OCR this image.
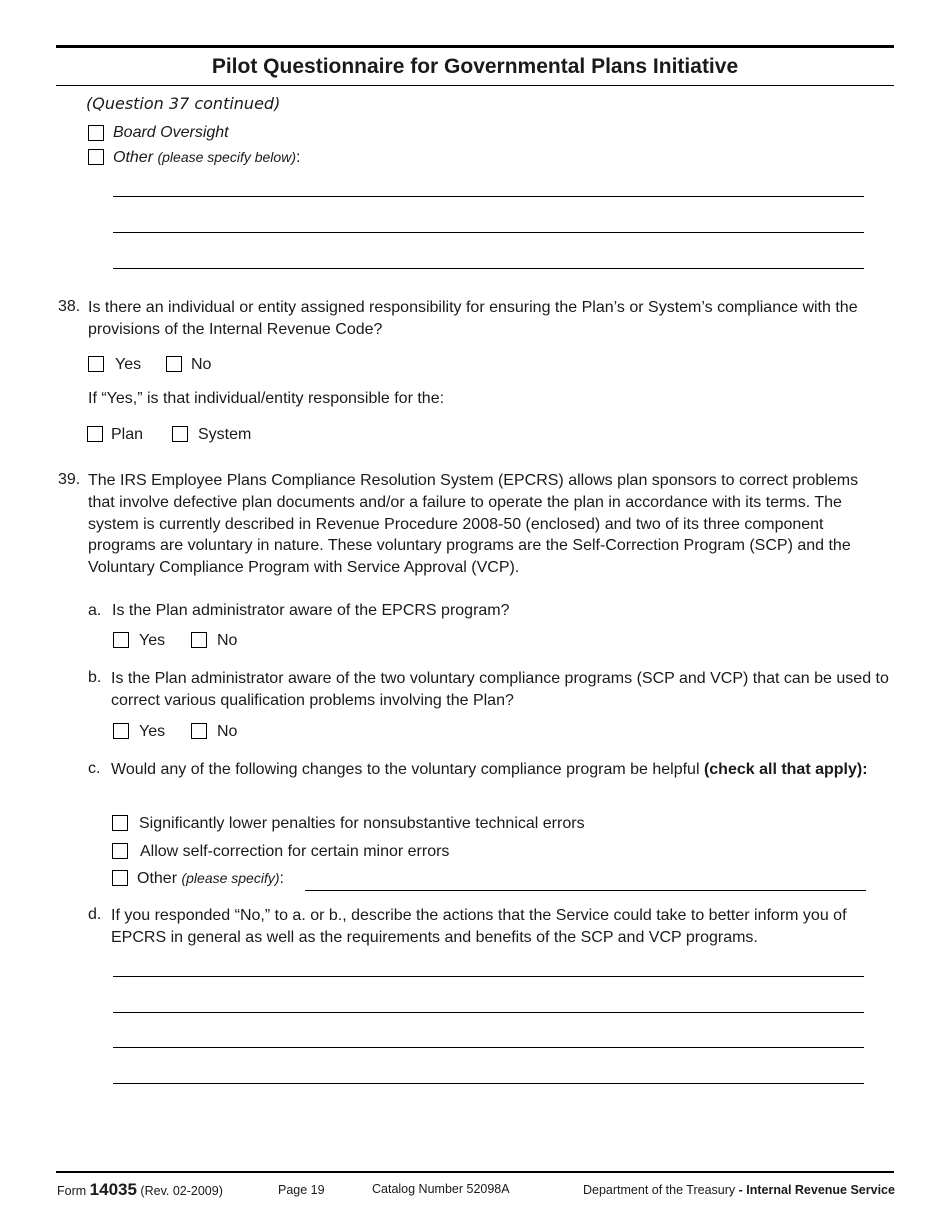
Pilot Questionnaire for Governmental Plans Initiative
(Question 37 continued)
Board Oversight
Other (please specify below):
38. Is there an individual or entity assigned responsibility for ensuring the Plan’s or System’s compliance with the provisions of the Internal Revenue Code?
Yes	No
If “Yes,” is that individual/entity responsible for the:
Plan	System
39. The IRS Employee Plans Compliance Resolution System (EPCRS) allows plan sponsors to correct problems that involve defective plan documents and/or a failure to operate the plan in accordance with its terms. The system is currently described in Revenue Procedure 2008-50 (enclosed) and two of its three component programs are voluntary in nature. These voluntary programs are the Self-Correction Program (SCP) and the Voluntary Compliance Program with Service Approval (VCP).
a. Is the Plan administrator aware of the EPCRS program?
Yes	No
b. Is the Plan administrator aware of the two voluntary compliance programs (SCP and VCP) that can be used to correct various qualification problems involving the Plan?
Yes	No
c. Would any of the following changes to the voluntary compliance program be helpful (check all that apply):
Significantly lower penalties for nonsubstantive technical errors
Allow self-correction for certain minor errors
Other (please specify):
d. If you responded “No,” to a. or b., describe the actions that the Service could take to better inform you of EPCRS in general as well as the requirements and benefits of the SCP and VCP programs.
Form 14035 (Rev. 02-2009)	Page 19	Catalog Number 52098A	Department of the Treasury - Internal Revenue Service
